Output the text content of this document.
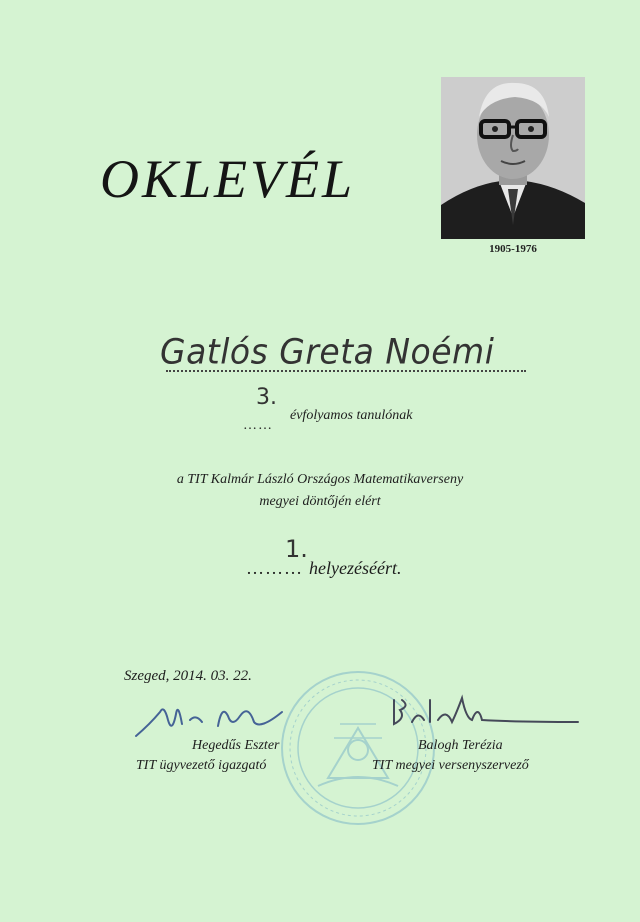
OKLEVÉL
1905-1976
Gatlós Greta Noémi
3.
……
évfolyamos tanulónak
a TIT Kalmár László Országos Matematikaverseny
megyei döntőjén elért
1.
……… helyezéséért.
Szeged, 2014. 03. 22.
Hegedűs Eszter
TIT ügyvezető igazgató
Balogh Terézia
TIT megyei versenyszervező
